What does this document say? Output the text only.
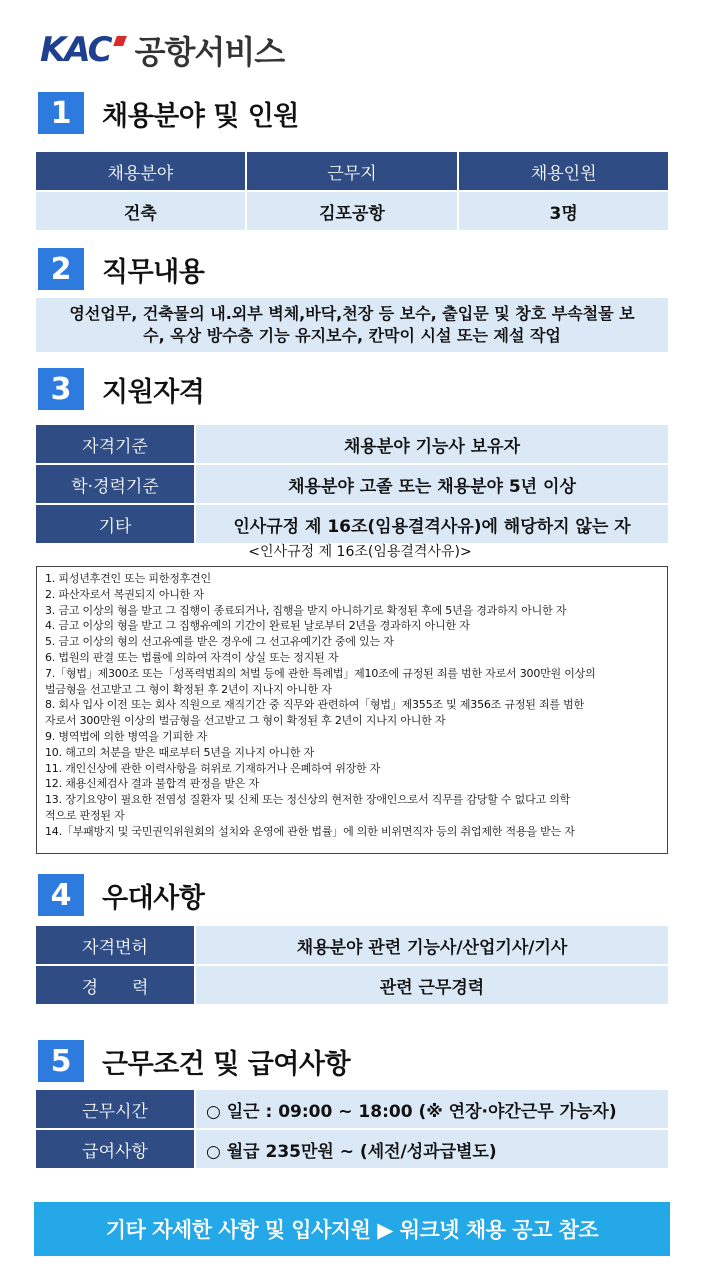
KAC 공항서비스
1	채용분야 및 인원
채용분야	근무지	채용인원
건축	김포공항	3명
2	직무내용
영선업무, 건축물의 내.외부 벽체,바닥,천장 등 보수, 출입문 및 창호 부속철물 보
수, 옥상 방수층 기능 유지보수, 칸막이 시설 또는 제설 작업
3	지원자격
자격기준	채용분야 기능사 보유자
학·경력기준	채용분야 고졸 또는 채용분야 5년 이상
기타	인사규정 제 16조(임용결격사유)에 해당하지 않는 자
<인사규정 제 16조(임용결격사유)>
1. 피성년후견인 또는 피한정후견인
2. 파산자로서 복권되지 아니한 자
3. 금고 이상의 형을 받고 그 집행이 종료되거나, 집행을 받지 아니하기로 확정된 후에 5년을 경과하지 아니한 자
4. 금고 이상의 형을 받고 그 집행유예의 기간이 완료된 날로부터 2년을 경과하지 아니한 자
5. 금고 이상의 형의 선고유예를 받은 경우에 그 선고유예기간 중에 있는 자
6. 법원의 판결 또는 법률에 의하여 자격이 상실 또는 정지된 자
7.「형법」제300조 또는「성폭력범죄의 처벌 등에 관한 특례법」제10조에 규정된 죄를 범한 자로서 300만원 이상의
벌금형을 선고받고 그 형이 확정된 후 2년이 지나지 아니한 자
8. 회사 입사 이전 또는 회사 직원으로 재직기간 중 직무와 관련하여「형법」제355조 및 제356조 규정된 죄를 범한
자로서 300만원 이상의 벌금형을 선고받고 그 형이 확정된 후 2년이 지나지 아니한 자
9. 병역법에 의한 병역을 기피한 자
10. 해고의 처분을 받은 때로부터 5년을 지나지 아니한 자
11. 개인신상에 관한 이력사항을 허위로 기재하거나 은폐하여 위장한 자
12. 채용신체검사 결과 불합격 판정을 받은 자
13. 장기요양이 필요한 전염성 질환자 및 신체 또는 정신상의 현저한 장애인으로서 직무를 감당할 수 없다고 의학
적으로 판정된 자
14.「부패방지 및 국민권익위원회의 설치와 운영에 관한 법률」에 의한 비위면직자 등의 취업제한 적용을 받는 자
4	우대사항
자격면허	채용분야 관련 기능사/산업기사/기사
경　　력	관련 근무경력
5	근무조건 및 급여사항
근무시간	○ 일근 : 09:00 ~ 18:00 (※ 연장·야간근무 가능자)
급여사항	○ 월급 235만원 ~ (세전/성과급별도)
기타 자세한 사항 및 입사지원 ▶ 워크넷 채용 공고 참조
